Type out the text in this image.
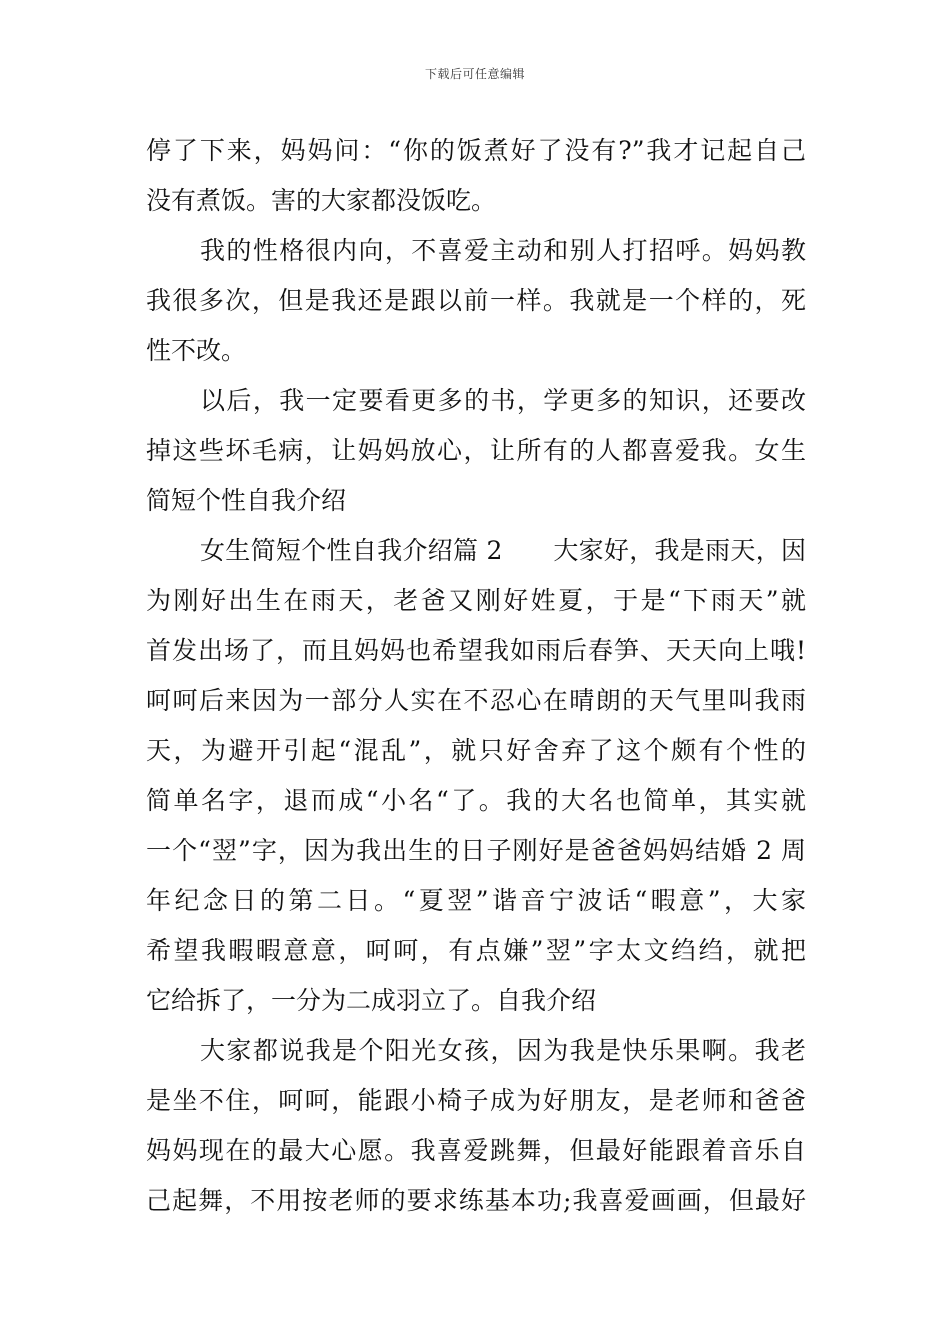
下载后可任意编辑
停了下来，妈妈问：“你的饭煮好了没有?”我才记起自己
没有煮饭。害的大家都没饭吃。
我的性格很内向，不喜爱主动和别人打招呼。妈妈教
我很多次，但是我还是跟以前一样。我就是一个样的，死
性不改。
以后，我一定要看更多的书，学更多的知识，还要改
掉这些坏毛病，让妈妈放心，让所有的人都喜爱我。女生
简短个性自我介绍
女生简短个性自我介绍篇 2　　大家好，我是雨天，因
为刚好出生在雨天，老爸又刚好姓夏，于是“下雨天”就
首发出场了，而且妈妈也希望我如雨后春笋、天天向上哦!
呵呵后来因为一部分人实在不忍心在晴朗的天气里叫我雨
天，为避开引起“混乱”，就只好舍弃了这个颇有个性的
简单名字，退而成“小名“了。我的大名也简单，其实就
一个“翌”字，因为我出生的日子刚好是爸爸妈妈结婚 2 周
年纪念日的第二日。“夏翌”谐音宁波话“暇意”，大家
希望我暇暇意意，呵呵，有点嫌”翌”字太文绉绉，就把
它给拆了，一分为二成羽立了。自我介绍
大家都说我是个阳光女孩，因为我是快乐果啊。我老
是坐不住，呵呵，能跟小椅子成为好朋友，是老师和爸爸
妈妈现在的最大心愿。我喜爱跳舞，但最好能跟着音乐自
己起舞，不用按老师的要求练基本功;我喜爱画画，但最好
